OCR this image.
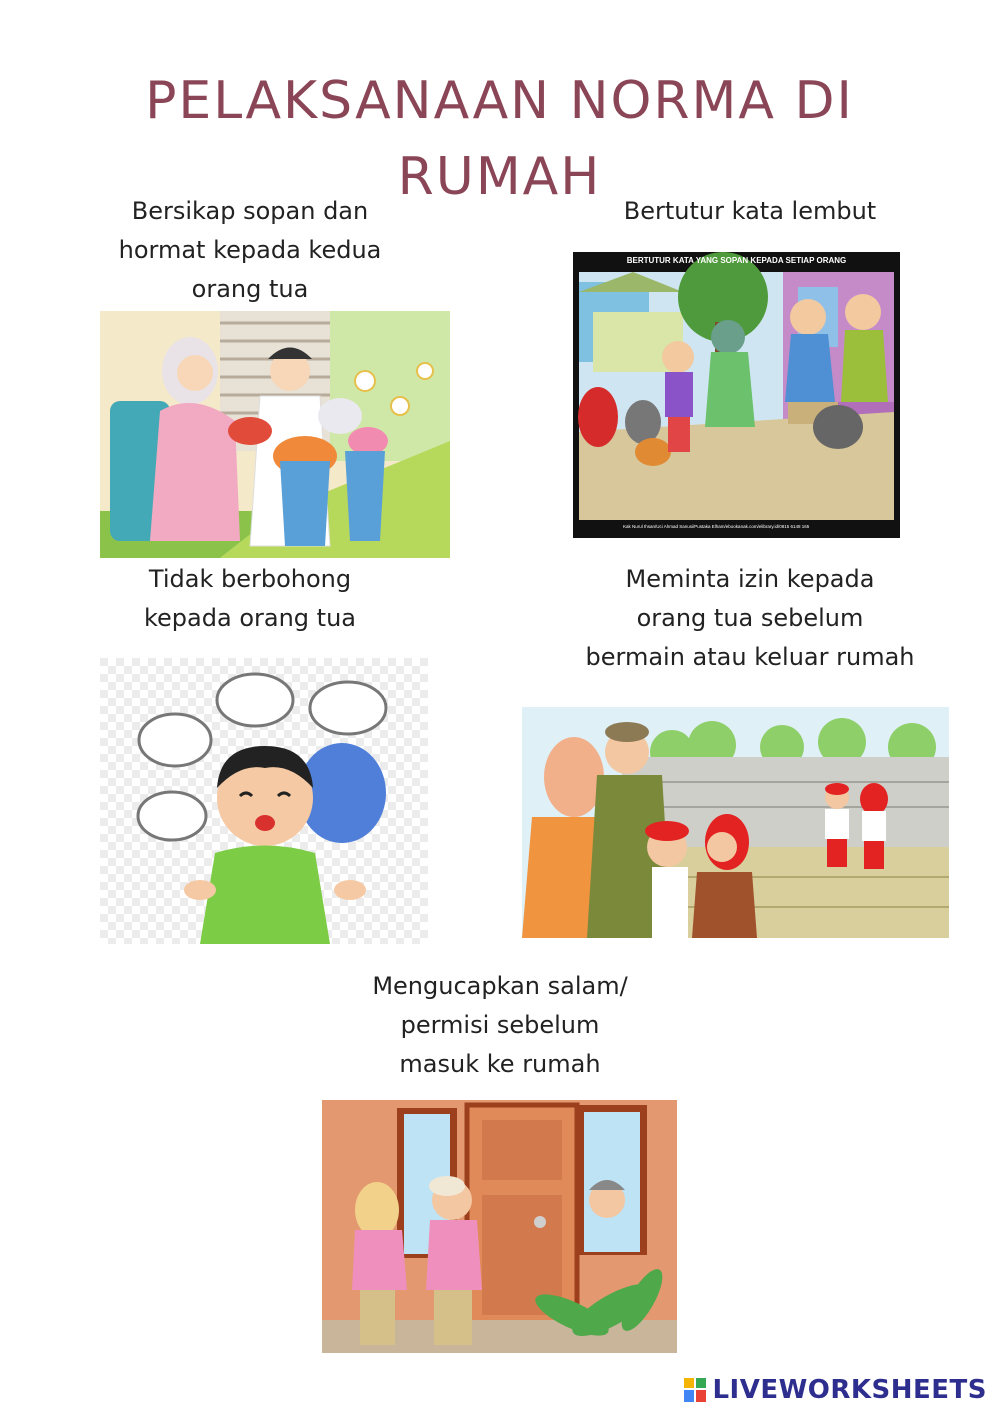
PELAKSANAAN NORMA DI
RUMAH
Bersikap sopan dan
hormat kepada kedua
orang tua
Bertutur kata lembut
BERTUTUR KATA YANG SOPAN KEPADA SETIAP ORANG
Kak Nurul Ihsan/Uci Ahmad Sanusi/Pustaka Elham/ebookanak.com/elibrary.id/0815 6148 165
Tidak berbohong
kepada orang tua
Meminta izin kepada
orang tua sebelum
bermain atau keluar rumah
Mengucapkan salam/
permisi sebelum
masuk ke rumah
LIVEWORKSHEETS
